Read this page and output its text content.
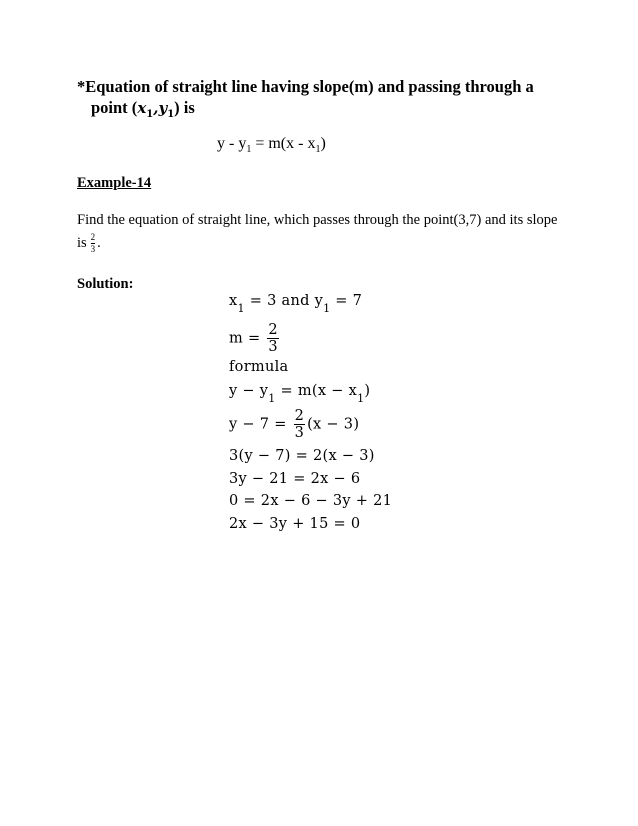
*Equation of straight line having slope(m) and passing through a
point $(x_1,y_1)$ is
$y - y_1 = m(x - x_1)$
Example-14
Find the equation of straight line, which passes through the point(3,7) and its slope
is $\frac{2}{3}$ .
Solution:
$x_1 = 3$ and $y_1 = 7$
$m = \frac{2}{3}$
formula
$y - y_1 = m(x - x_1)$
$y - 7 = \frac{2}{3} (x - 3)$
3(y − 7) = 2(x − 3)
3y − 21 = 2x − 6
0 = 2x − 6 − 3y + 21
2x − 3y + 15 = 0
